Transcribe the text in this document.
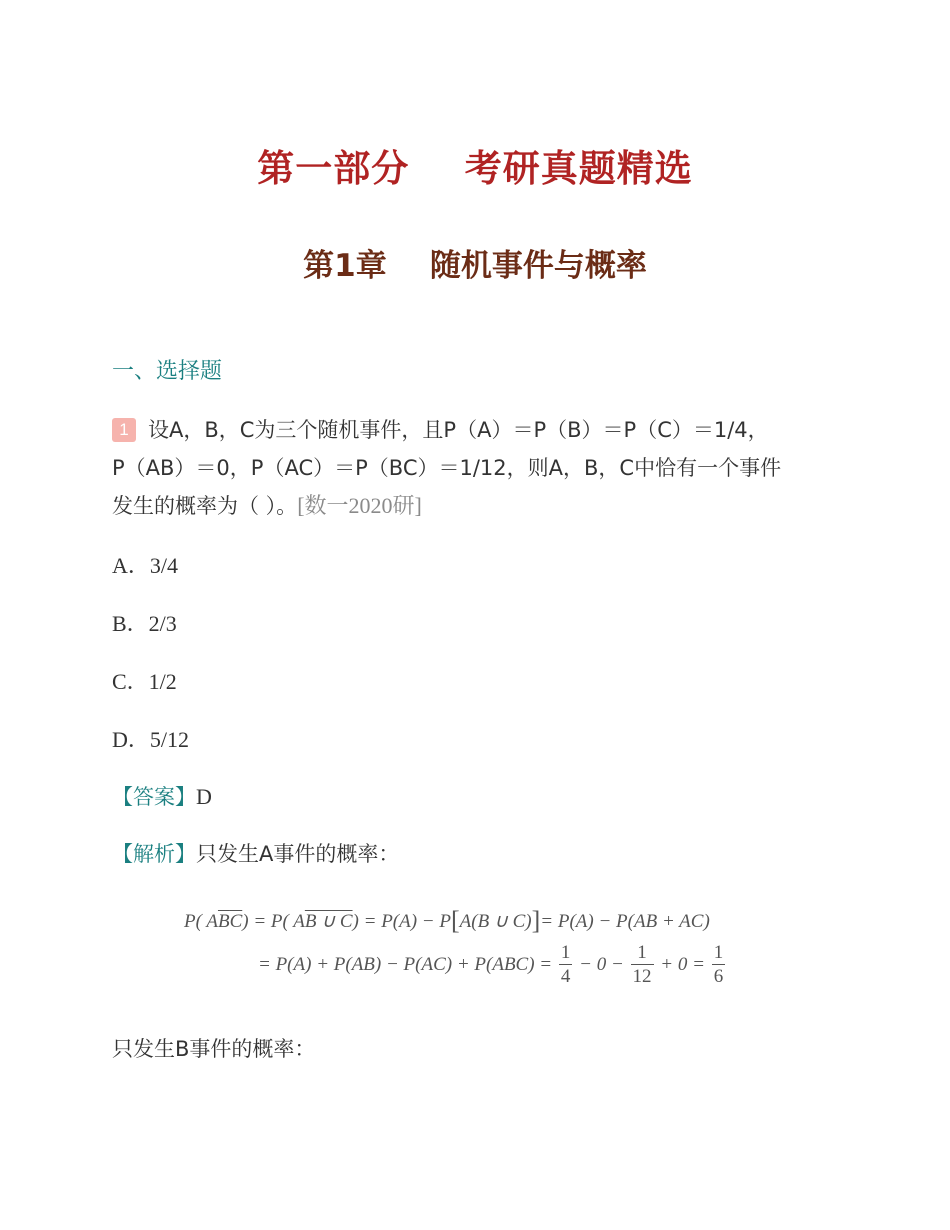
第一部分    考研真题精选
第1章    随机事件与概率
一、选择题
1 设A，B，C为三个随机事件，且P（A）＝P（B）＝P（C）＝1/4，
P（AB）＝0，P（AC）＝P（BC）＝1/12，则A，B，C中恰有一个事件
发生的概率为（ ）。[数一2020研]
A．3/4
B．2/3
C．1/2
D．5/12
【答案】D
【解析】只发生A事件的概率：
P( $A\overline{B}\overline{C}) = P$( AB ∪ C) = P(A) − P[A(B ∪ C)]= P(A) − P(AB + AC)
= $P(A) + P(AB) - P(AC) + P(ABC) = \frac{1}{4} - 0 - \frac{1}{12} + 0 = \frac{1}{6}$
只发生B事件的概率：
